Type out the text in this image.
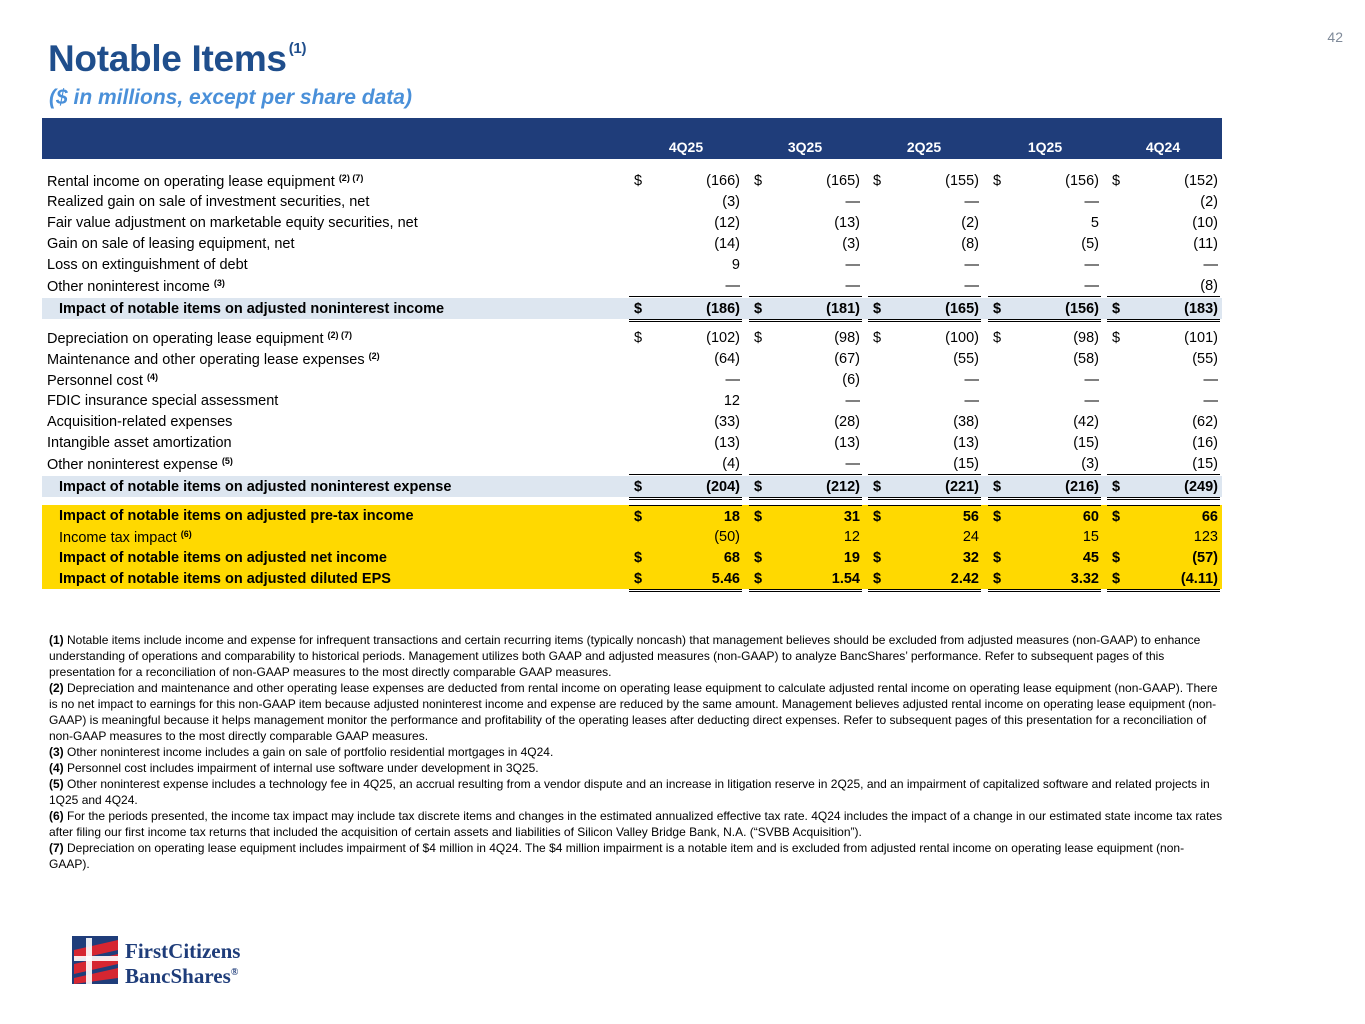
42
Notable Items $^{(1)}$
($ in millions, except per share data)
4Q25	3Q25	2Q25	1Q25	4Q24
Rental income on operating lease equipment $^{(2) (7)}$	$	(166) $	(165) $	(155) $	(156) $	(152)
Realized gain on sale of investment securities, net	(3)	—	—	—	(2)
Fair value adjustment on marketable equity securities, net	(12)	(13)	(2)	5	(10)
Gain on sale of leasing equipment, net	(14)	(3)	(8)	(5)	(11)
Loss on extinguishment of debt	9	—	—	—	—
Other noninterest income $^{(3)}$	—	—	—	—	(8)
Impact of notable items on adjusted noninterest income	$	(186) $	(181) $	(165) $	(156) $	(183)
Depreciation on operating lease equipment $^{(2) (7)}$	$	(102) $	(98) $	(100) $	(98) $	(101)
Maintenance and other operating lease expenses $^{(2)}$	(64)	(67)	(55)	(58)	(55)
Personnel cost $^{(4)}$	—	(6)	—	—	—
FDIC insurance special assessment	12	—	—	—	—
Acquisition-related expenses	(33)	(28)	(38)	(42)	(62)
Intangible asset amortization	(13)	(13)	(13)	(15)	(16)
Other noninterest expense $^{(5)}$	(4)	—	(15)	(3)	(15)
Impact of notable items on adjusted noninterest expense	$	(204) $	(212) $	(221) $	(216) $	(249)
Impact of notable items on adjusted pre-tax income	$	18 $	31 $	56 $	60 $	66
Income tax impact $^{(6)}$	(50)	12	24	15	123
Impact of notable items on adjusted net income	$	68 $	19 $	32 $	45 $	(57)
Impact of notable items on adjusted diluted EPS	$	5.46 $	1.54 $	2.42 $	3.32 $	(4.11)

(1) Notable items include income and expense for infrequent transactions and certain recurring items (typically noncash) that management believes should be excluded from adjusted measures (non-GAAP) to enhance understanding of operations and comparability to historical periods. Management utilizes both GAAP and adjusted measures (non-GAAP) to analyze BancShares’ performance. Refer to subsequent pages of this presentation for a reconciliation of non-GAAP measures to the most directly comparable GAAP measures.

(2) Depreciation and maintenance and other operating lease expenses are deducted from rental income on operating lease equipment to calculate adjusted rental income on operating lease equipment (non-GAAP). There is no net impact to earnings for this non-GAAP item because adjusted noninterest income and expense are reduced by the same amount. Management believes adjusted rental income on operating lease equipment (non-GAAP) is meaningful because it helps management monitor the performance and profitability of the operating leases after deducting direct expenses. Refer to subsequent pages of this presentation for a reconciliation of non-GAAP measures to the most directly comparable GAAP measures.

(3) Other noninterest income includes a gain on sale of portfolio residential mortgages in 4Q24.

(4) Personnel cost includes impairment of internal use software under development in 3Q25.

(5) Other noninterest expense includes a technology fee in 4Q25, an accrual resulting from a vendor dispute and an increase in litigation reserve in 2Q25, and an impairment of capitalized software and related projects in 1Q25 and 4Q24.

(6) For the periods presented, the income tax impact may include tax discrete items and changes in the estimated annualized effective tax rate. 4Q24 includes the impact of a change in our estimated state income tax rates after filing our first income tax returns that included the acquisition of certain assets and liabilities of Silicon Valley Bridge Bank, N.A. (“SVBB Acquisition”).

(7) Depreciation on operating lease equipment includes impairment of $4 million in 4Q24. The $4 million impairment is a notable item and is excluded from adjusted rental income on operating lease equipment (non-GAAP).

FirstCitizens
BancShares®
